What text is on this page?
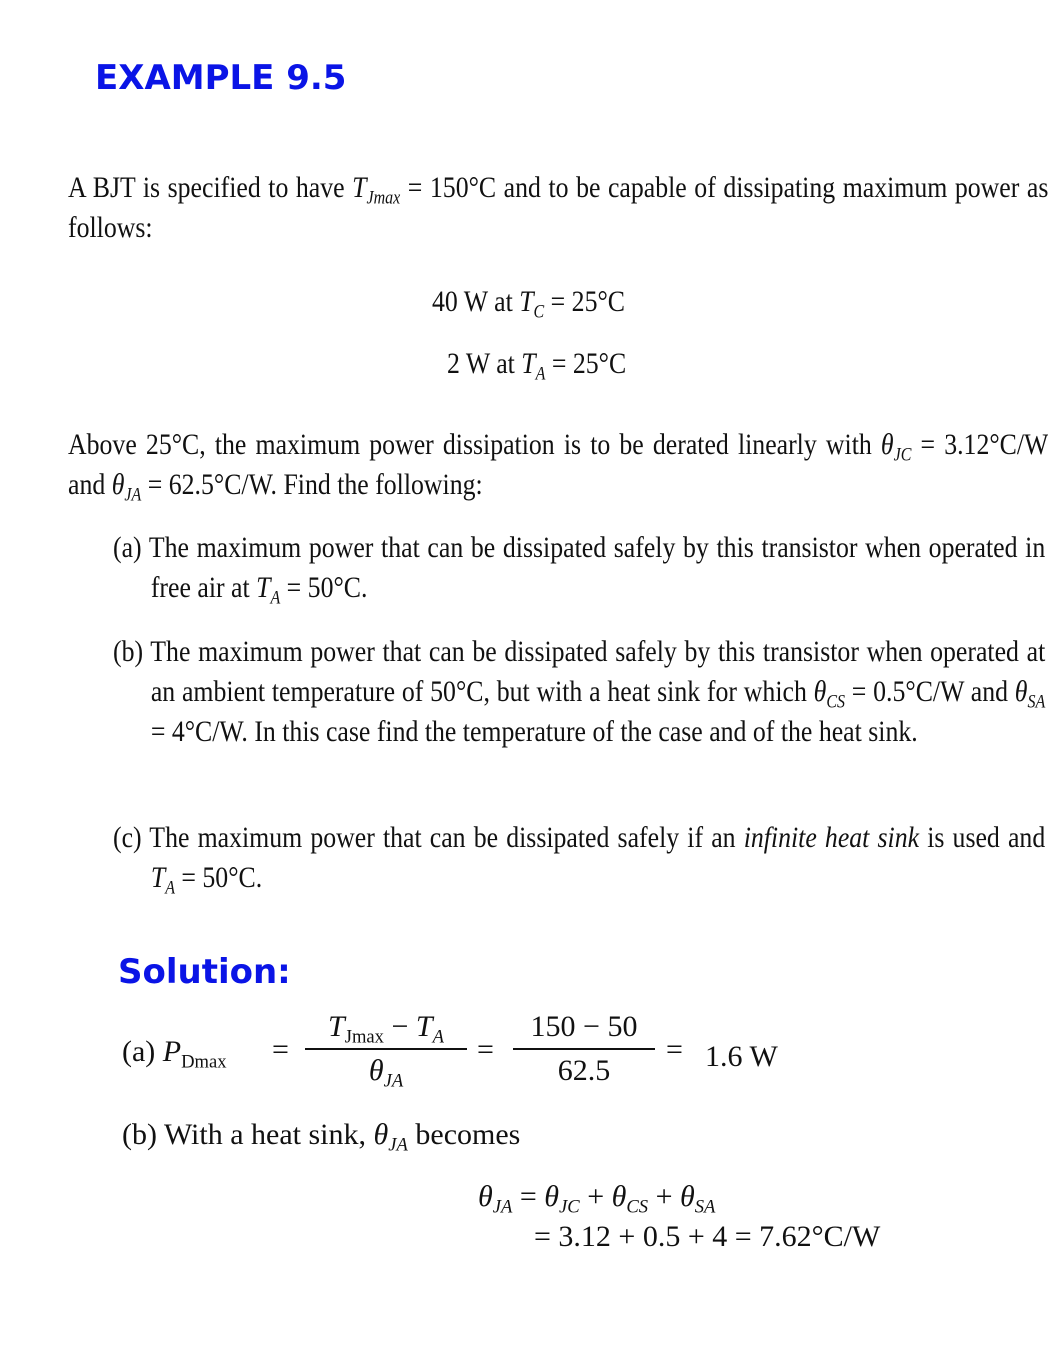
EXAMPLE 9.5
A BJT is specified to have $T_{Jmax} = 150^\circ C$ and to be capable of dissipating maximum power as follows:
40 W at $T_C = 25^\circ C$
2 W at $T_A = 25^\circ C$
Above 25°C, the maximum power dissipation is to be derated linearly with $\theta_{JC} = 3.12^\circ C/W$ and $\theta_{JA} = 62.5^\circ C/W$. Find the following:
(a) The maximum power that can be dissipated safely by this transistor when operated in free air at $T_A = 50^\circ C$.
(b) The maximum power that can be dissipated safely by this transistor when operated at an ambient temperature of 50°C, but with a heat sink for which $\theta_{CS} = 0.5^\circ C/W$ and $\theta_{SA} = 4^\circ C/W$. In this case find the temperature of the case and of the heat sink.
(c) The maximum power that can be dissipated safely if an infinite heat sink is used and $T_A = 50^\circ C$.
Solution:
(a) $P_{Dmax}$ =
$T_{Jmax} - T_A$
$\theta_{JA}$
=
150 − 50
62.5
= 1.6 W
(b) With a heat sink, $\theta_{JA}$ becomes
$\theta_{JA} = \theta_{JC} + \theta_{CS} + \theta_{SA}$
= 3.12 + 0.5 + 4 = 7.62°C/W
